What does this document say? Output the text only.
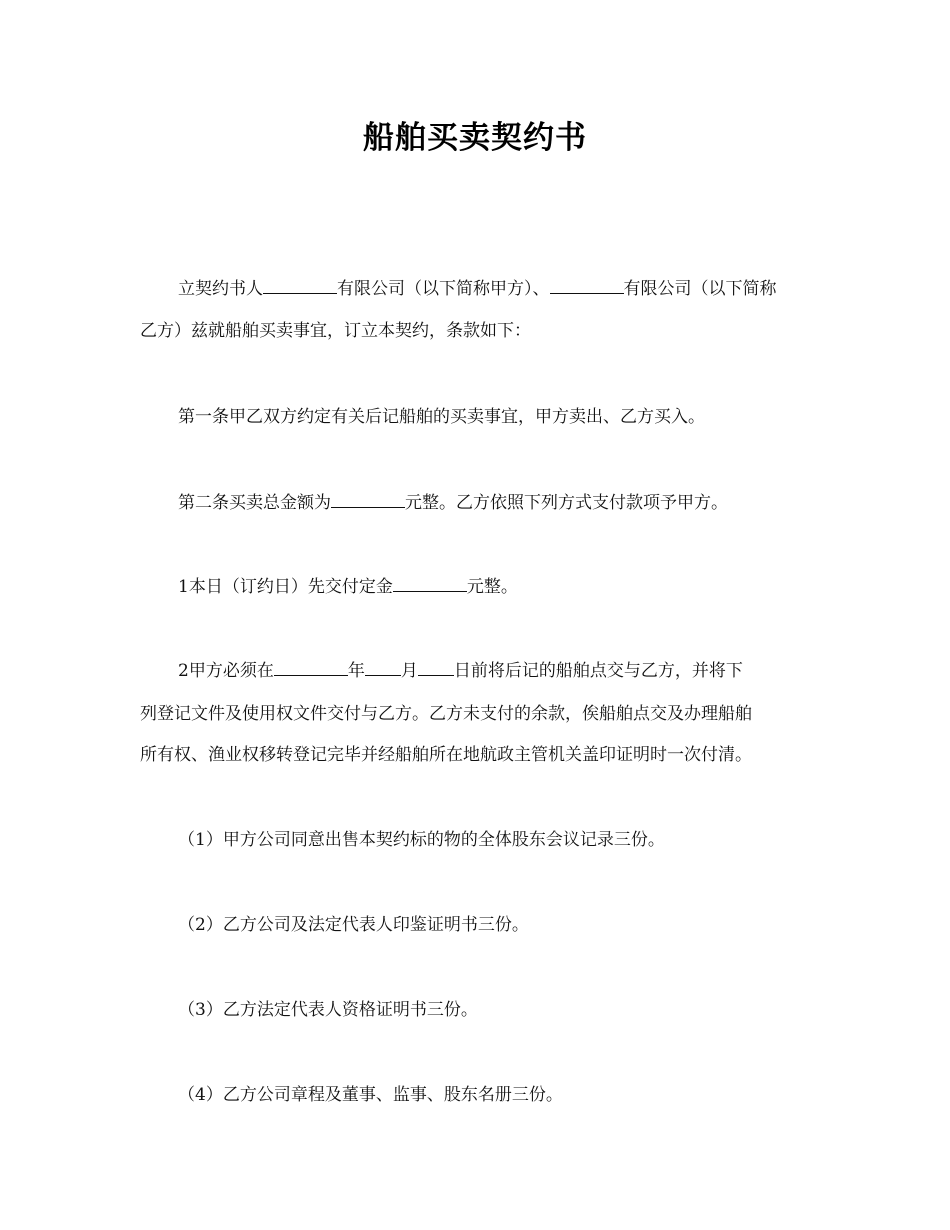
船舶买卖契约书
立契约书人	有限公司（以下简称甲方）、	有限公司（以下简称
乙方）兹就船舶买卖事宜，订立本契约，条款如下：
第一条甲乙双方约定有关后记船舶的买卖事宜，甲方卖出、乙方买入。
第二条买卖总金额为	元整。乙方依照下列方式支付款项予甲方。
1本日（订约日）先交付定金	元整。
2甲方必须在	年 月 日前将后记的船舶点交与乙方，并将下
列登记文件及使用权文件交付与乙方。乙方未支付的余款，俟船舶点交及办理船舶
所有权、渔业权移转登记完毕并经船舶所在地航政主管机关盖印证明时一次付清。
（1）甲方公司同意出售本契约标的物的全体股东会议记录三份。
（2）乙方公司及法定代表人印鉴证明书三份。
（3）乙方法定代表人资格证明书三份。
（4）乙方公司章程及董事、监事、股东名册三份。
